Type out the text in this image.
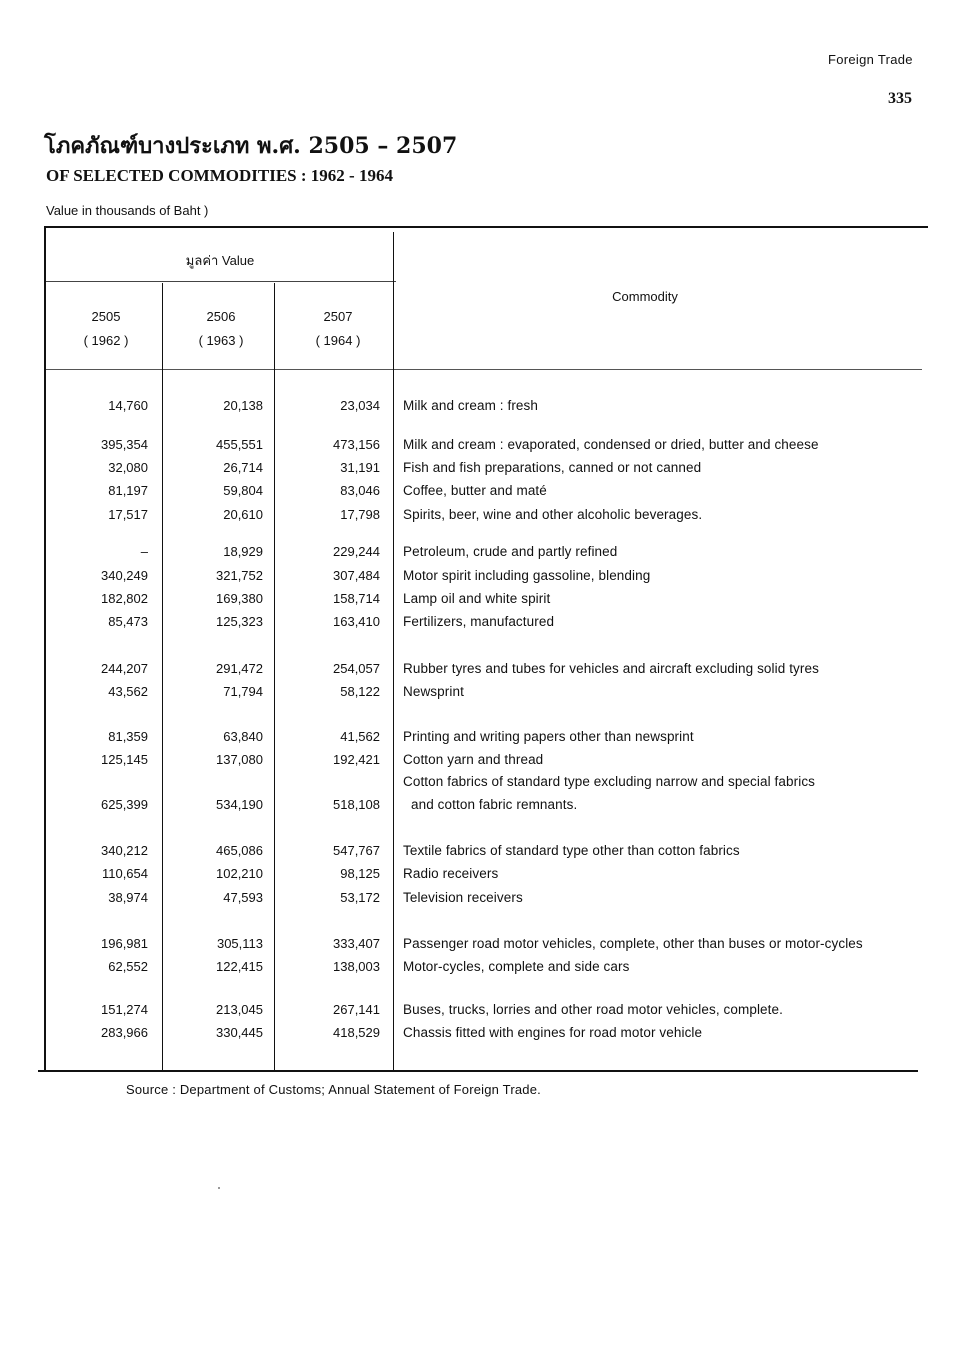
Foreign Trade
335
โภคภัณฑ์บางประเภท พ.ศ. 2505 – 2507
OF SELECTED COMMODITIES : 1962 - 1964
Value in thousands of Baht )
มูลค่า Value
Commodity
2505
( 1962 )
2506
( 1963 )
2507
( 1964 )
14,760	20,138	23,034 Milk and cream : fresh
395,354	455,551	473,156 Milk and cream : evaporated, condensed or dried, butter and cheese
32,080	26,714	31,191 Fish and fish preparations, canned or not canned
81,197	59,804	83,046 Coffee, butter and maté
17,517	20,610	17,798 Spirits, beer, wine and other alcoholic beverages.
–	18,929	229,244 Petroleum, crude and partly refined
340,249	321,752	307,484 Motor spirit including gassoline, blending
182,802	169,380	158,714 Lamp oil and white spirit
85,473	125,323	163,410 Fertilizers, manufactured
244,207	291,472	254,057 Rubber tyres and tubes for vehicles and aircraft excluding solid tyres
43,562	71,794	58,122 Newsprint
81,359	63,840	41,562 Printing and writing papers other than newsprint
125,145	137,080	192,421 Cotton yarn and thread
625,399	534,190	518,108
Cotton fabrics of standard type excluding narrow and special fabrics
and cotton fabric remnants.
340,212	465,086	547,767 Textile fabrics of standard type other than cotton fabrics
110,654	102,210	98,125 Radio receivers
38,974	47,593	53,172 Television receivers
196,981	305,113	333,407 Passenger road motor vehicles, complete, other than buses or motor-cycles
62,552	122,415	138,003 Motor-cycles, complete and side cars
151,274	213,045	267,141 Buses, trucks, lorries and other road motor vehicles, complete.
283,966	330,445	418,529 Chassis fitted with engines for road motor vehicle
Source : Department of Customs; Annual Statement of Foreign Trade.
